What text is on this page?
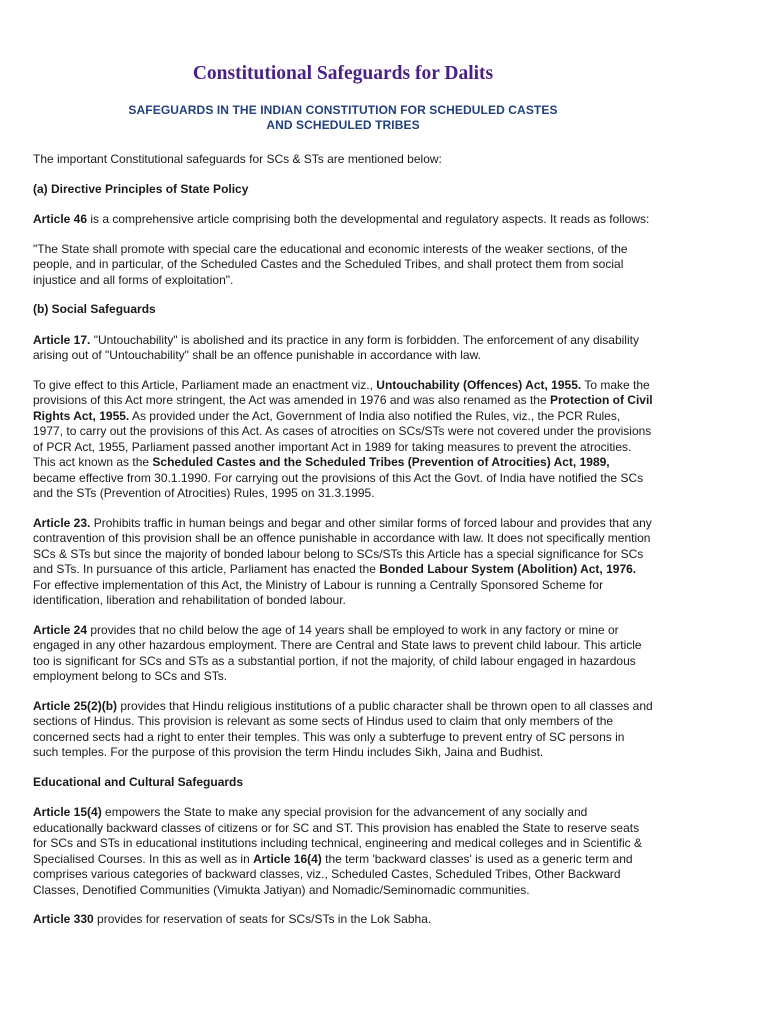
Constitutional Safeguards for Dalits
SAFEGUARDS IN THE INDIAN CONSTITUTION FOR SCHEDULED CASTES
AND SCHEDULED TRIBES

The important Constitutional safeguards for SCs & STs are mentioned below:

(a) Directive Principles of State Policy

Article 46 is a comprehensive article comprising both the developmental and regulatory aspects. It reads as follows:

"The State shall promote with special care the educational and economic interests of the weaker sections, of the people, and in particular, of the Scheduled Castes and the Scheduled Tribes, and shall protect them from social injustice and all forms of exploitation".

(b) Social Safeguards

Article 17. "Untouchability" is abolished and its practice in any form is forbidden. The enforcement of any disability arising out of "Untouchability" shall be an offence punishable in accordance with law.

To give effect to this Article, Parliament made an enactment viz., Untouchability (Offences) Act, 1955. To make the provisions of this Act more stringent, the Act was amended in 1976 and was also renamed as the Protection of Civil Rights Act, 1955. As provided under the Act, Government of India also notified the Rules, viz., the PCR Rules, 1977, to carry out the provisions of this Act. As cases of atrocities on SCs/STs were not covered under the provisions of PCR Act, 1955, Parliament passed another important Act in 1989 for taking measures to prevent the atrocities. This act known as the Scheduled Castes and the Scheduled Tribes (Prevention of Atrocities) Act, 1989, became effective from 30.1.1990. For carrying out the provisions of this Act the Govt. of India have notified the SCs and the STs (Prevention of Atrocities) Rules, 1995 on 31.3.1995.

Article 23. Prohibits traffic in human beings and begar and other similar forms of forced labour and provides that any contravention of this provision shall be an offence punishable in accordance with law. It does not specifically mention SCs & STs but since the majority of bonded labour belong to SCs/STs this Article has a special significance for SCs and STs. In pursuance of this article, Parliament has enacted the Bonded Labour System (Abolition) Act, 1976. For effective implementation of this Act, the Ministry of Labour is running a Centrally Sponsored Scheme for identification, liberation and rehabilitation of bonded labour.

Article 24 provides that no child below the age of 14 years shall be employed to work in any factory or mine or engaged in any other hazardous employment. There are Central and State laws to prevent child labour. This article too is significant for SCs and STs as a substantial portion, if not the majority, of child labour engaged in hazardous employment belong to SCs and STs.

Article 25(2)(b) provides that Hindu religious institutions of a public character shall be thrown open to all classes and sections of Hindus. This provision is relevant as some sects of Hindus used to claim that only members of the concerned sects had a right to enter their temples. This was only a subterfuge to prevent entry of SC persons in such temples. For the purpose of this provision the term Hindu includes Sikh, Jaina and Budhist.

Educational and Cultural Safeguards

Article 15(4) empowers the State to make any special provision for the advancement of any socially and educationally backward classes of citizens or for SC and ST. This provision has enabled the State to reserve seats for SCs and STs in educational institutions including technical, engineering and medical colleges and in Scientific & Specialised Courses. In this as well as in Article 16(4) the term 'backward classes' is used as a generic term and comprises various categories of backward classes, viz., Scheduled Castes, Scheduled Tribes, Other Backward Classes, Denotified Communities (Vimukta Jatiyan) and Nomadic/Seminomadic communities.

Article 330 provides for reservation of seats for SCs/STs in the Lok Sabha.
